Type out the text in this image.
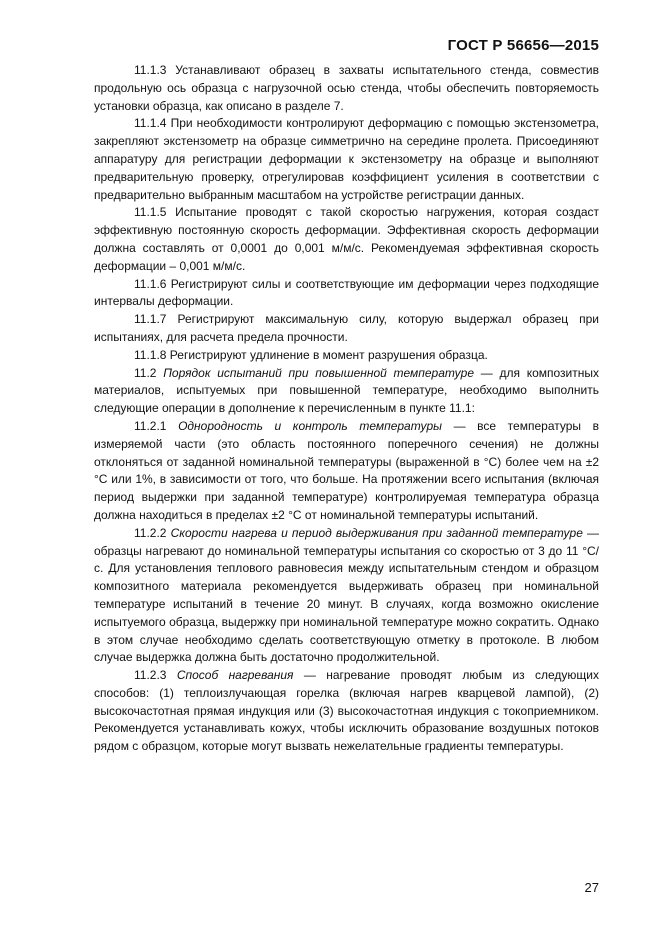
ГОСТ Р 56656—2015

11.1.3 Устанавливают образец в захваты испытательного стенда, совместив продольную ось образца с нагрузочной осью стенда, чтобы обеспечить повторяемость установки образца, как описано в разделе 7.

11.1.4 При необходимости контролируют деформацию с помощью экстензометра, закрепляют экстензометр на образце симметрично на середине пролета. Присоединяют аппаратуру для регистрации деформации к экстензометру на образце и выполняют предварительную проверку, отрегулировав коэффициент усиления в соответствии с предварительно выбранным масштабом на устройстве регистрации данных.

11.1.5 Испытание проводят с такой скоростью нагружения, которая создаст эффективную постоянную скорость деформации. Эффективная скорость деформации должна составлять от 0,0001 до 0,001 м/м/с. Рекомендуемая эффективная скорость деформации – 0,001 м/м/с.

11.1.6 Регистрируют силы и соответствующие им деформации через подходящие интервалы деформации.

11.1.7 Регистрируют максимальную силу, которую выдержал образец при испытаниях, для расчета предела прочности.

11.1.8 Регистрируют удлинение в момент разрушения образца.

11.2 Порядок испытаний при повышенной температуре — для композитных материалов, испытуемых при повышенной температуре, необходимо выполнить следующие операции в дополнение к перечисленным в пункте 11.1:

11.2.1 Однородность и контроль температуры — все температуры в измеряемой части (это область постоянного поперечного сечения) не должны отклоняться от заданной номинальной температуры (выраженной в °C) более чем на ±2 °C или 1%, в зависимости от того, что больше. На протяжении всего испытания (включая период выдержки при заданной температуре) контролируемая температура образца должна находиться в пределах ±2 °C от номинальной температуры испытаний.

11.2.2 Скорости нагрева и период выдерживания при заданной температуре — образцы нагревают до номинальной температуры испытания со скоростью от 3 до 11 °C/с. Для установления теплового равновесия между испытательным стендом и образцом композитного материала рекомендуется выдерживать образец при номинальной температуре испытаний в течение 20 минут. В случаях, когда возможно окисление испытуемого образца, выдержку при номинальной температуре можно сократить. Однако в этом случае необходимо сделать соответствующую отметку в протоколе. В любом случае выдержка должна быть достаточно продолжительной.

11.2.3 Способ нагревания — нагревание проводят любым из следующих способов: (1) теплоизлучающая горелка (включая нагрев кварцевой лампой), (2) высокочастотная прямая индукция или (3) высокочастотная индукция с токоприемником. Рекомендуется устанавливать кожух, чтобы исключить образование воздушных потоков рядом с образцом, которые могут вызвать нежелательные градиенты температуры.

27
